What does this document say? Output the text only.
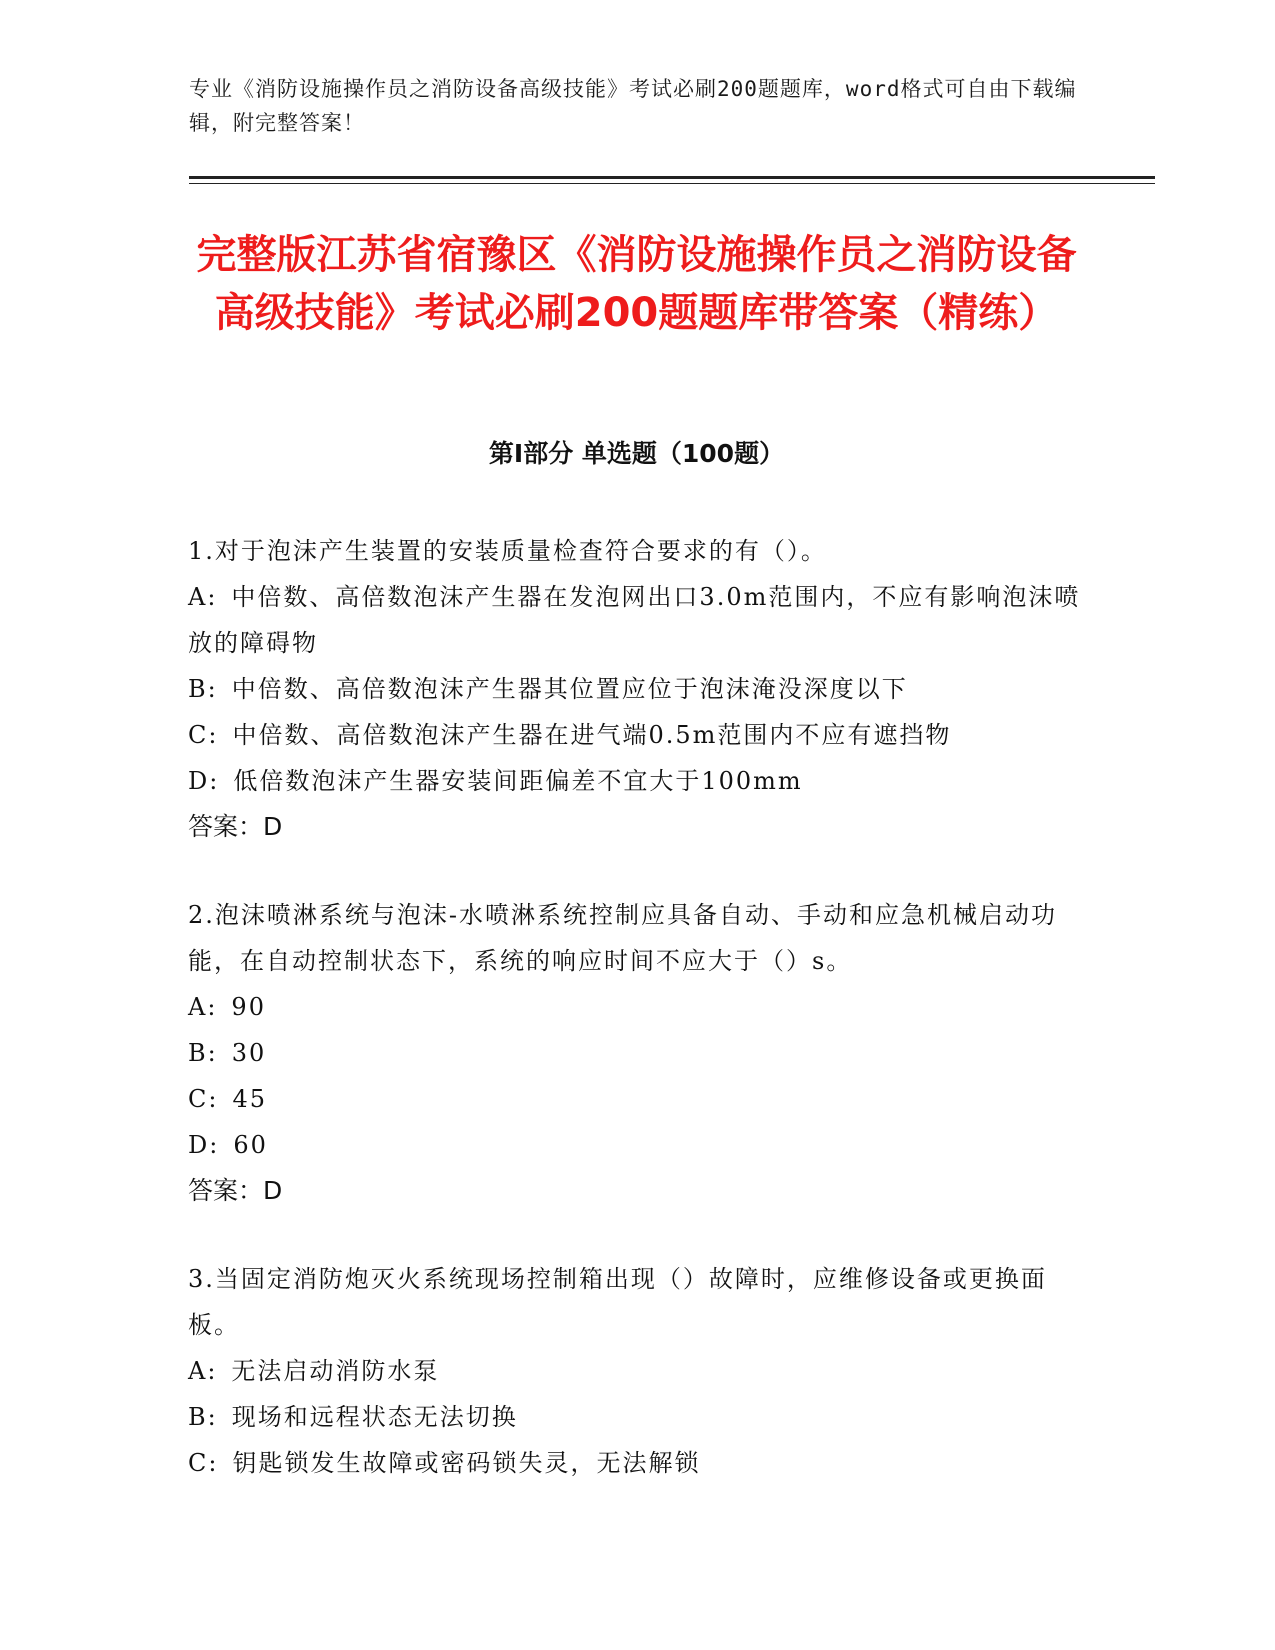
专业《消防设施操作员之消防设备高级技能》考试必刷200题题库，word格式可自由下载编辑，附完整答案！
完整版江苏省宿豫区《消防设施操作员之消防设备高级技能》考试必刷200题题库带答案（精练）
第Ⅰ部分 单选题（100题）
1.对于泡沫产生装置的安装质量检查符合要求的有（）。
A: 中倍数、高倍数泡沫产生器在发泡网出口3.0m范围内，不应有影响泡沫喷放的障碍物
B: 中倍数、高倍数泡沫产生器其位置应位于泡沫淹没深度以下
C: 中倍数、高倍数泡沫产生器在进气端0.5m范围内不应有遮挡物
D: 低倍数泡沫产生器安装间距偏差不宜大于100mm
答案：D
2.泡沫喷淋系统与泡沫-水喷淋系统控制应具备自动、手动和应急机械启动功能，在自动控制状态下，系统的响应时间不应大于（）s。
A: 90
B: 30
C: 45
D: 60
答案：D
3.当固定消防炮灭火系统现场控制箱出现（）故障时，应维修设备或更换面板。
A: 无法启动消防水泵
B: 现场和远程状态无法切换
C: 钥匙锁发生故障或密码锁失灵，无法解锁
